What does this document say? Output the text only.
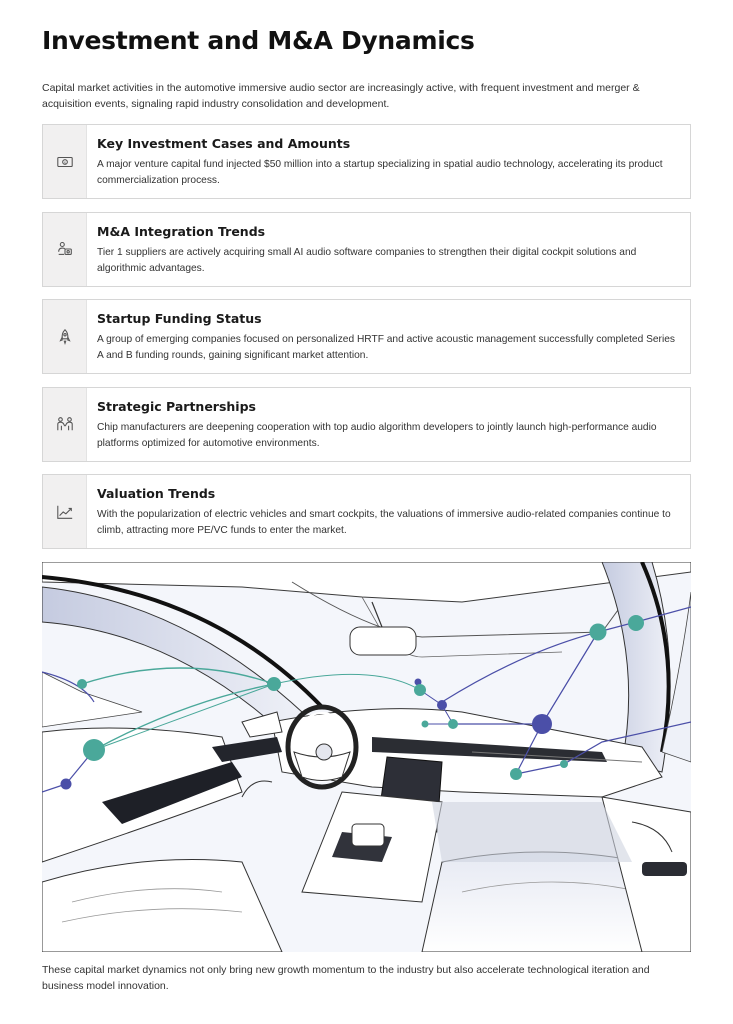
Investment and M&A Dynamics

Capital market activities in the automotive immersive audio sector are increasingly active, with frequent investment and merger & acquisition events, signaling rapid industry consolidation and development.

$
Key Investment Cases and Amounts

A major venture capital fund injected $50 million into a startup specializing in spatial audio technology, accelerating its product commercialization process.

M&A Integration Trends

Tier 1 suppliers are actively acquiring small AI audio software companies to strengthen their digital cockpit solutions and algorithmic advantages.

Startup Funding Status

A group of emerging companies focused on personalized HRTF and active acoustic management successfully completed Series A and B funding rounds, gaining significant market attention.

Strategic Partnerships

Chip manufacturers are deepening cooperation with top audio algorithm developers to jointly launch high-performance audio platforms optimized for automotive environments.

Valuation Trends

With the popularization of electric vehicles and smart cockpits, the valuations of immersive audio-related companies continue to climb, attracting more PE/VC funds to enter the market.

These capital market dynamics not only bring new growth momentum to the industry but also accelerate technological iteration and business model innovation.
